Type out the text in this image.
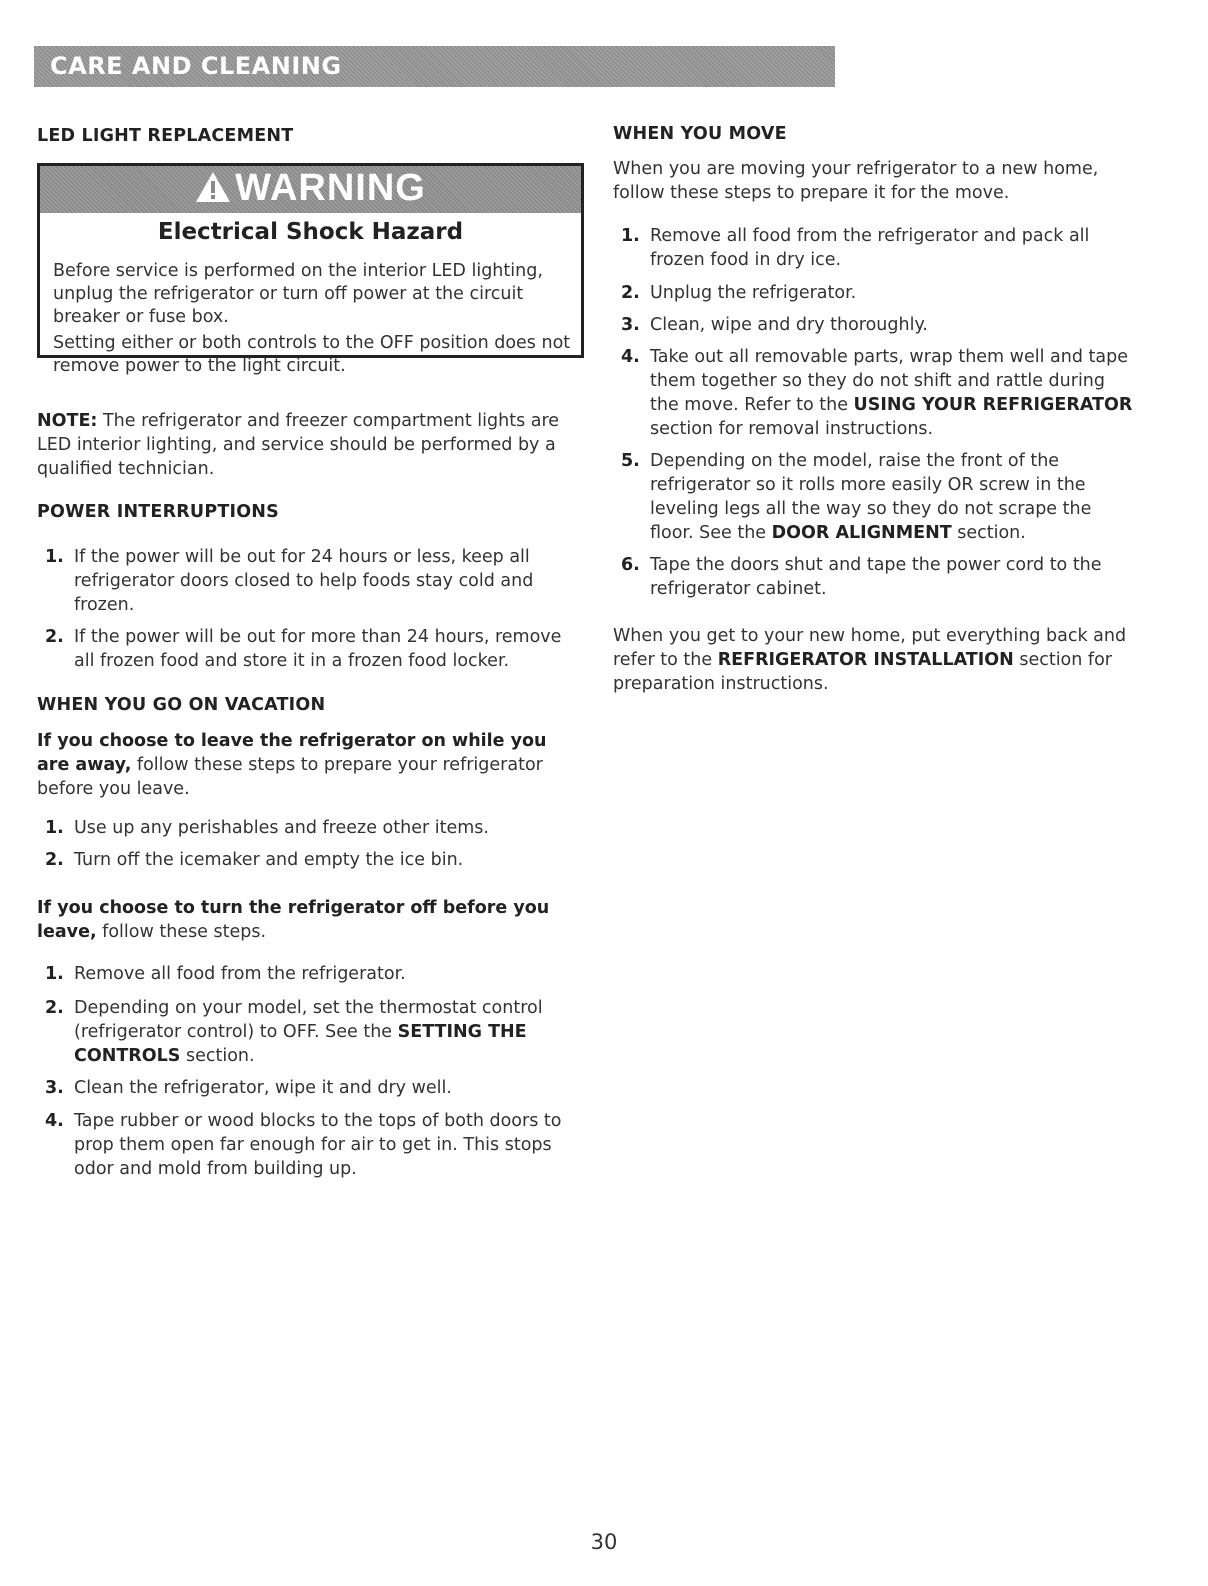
CARE AND CLEANING
LED LIGHT REPLACEMENT
WARNING
Electrical Shock Hazard
Before service is performed on the interior LED lighting, unplug the refrigerator or turn off power at the circuit breaker or fuse box.
Setting either or both controls to the OFF position does not remove power to the light circuit.
NOTE: The refrigerator and freezer compartment lights are LED interior lighting, and service should be performed by a qualified technician.
POWER INTERRUPTIONS
1. If the power will be out for 24 hours or less, keep all refrigerator doors closed to help foods stay cold and frozen.
2. If the power will be out for more than 24 hours, remove all frozen food and store it in a frozen food locker.
WHEN YOU GO ON VACATION
If you choose to leave the refrigerator on while you are away, follow these steps to prepare your refrigerator before you leave.
1. Use up any perishables and freeze other items.
2. Turn off the icemaker and empty the ice bin.
If you choose to turn the refrigerator off before you leave, follow these steps.
1. Remove all food from the refrigerator.
2. Depending on your model, set the thermostat control (refrigerator control) to OFF. See the SETTING THE CONTROLS section.
3. Clean the refrigerator, wipe it and dry well.
4. Tape rubber or wood blocks to the tops of both doors to prop them open far enough for air to get in. This stops odor and mold from building up.
WHEN YOU MOVE
When you are moving your refrigerator to a new home, follow these steps to prepare it for the move.
1. Remove all food from the refrigerator and pack all frozen food in dry ice.
2. Unplug the refrigerator.
3. Clean, wipe and dry thoroughly.
4. Take out all removable parts, wrap them well and tape them together so they do not shift and rattle during the move. Refer to the USING YOUR REFRIGERATOR section for removal instructions.
5. Depending on the model, raise the front of the refrigerator so it rolls more easily OR screw in the leveling legs all the way so they do not scrape the floor. See the DOOR ALIGNMENT section.
6. Tape the doors shut and tape the power cord to the refrigerator cabinet.
When you get to your new home, put everything back and refer to the REFRIGERATOR INSTALLATION section for preparation instructions.
30
